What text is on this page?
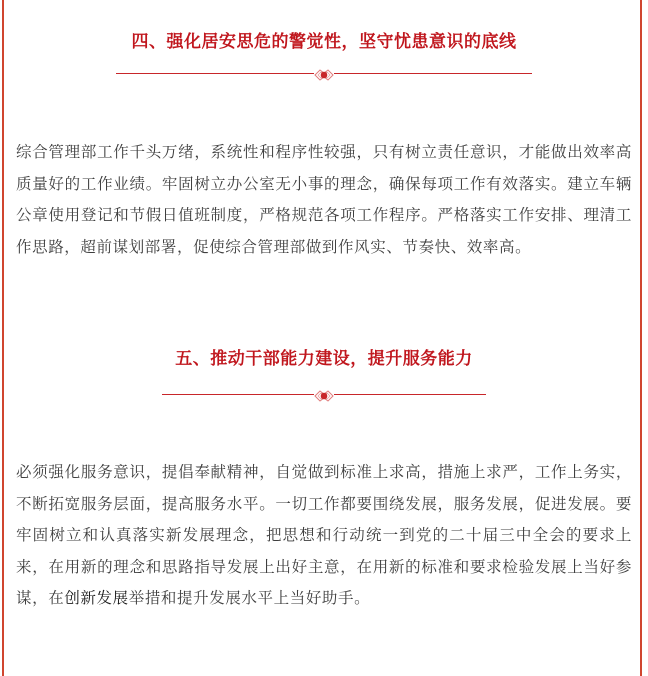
四、强化居安思危的警觉性，坚守忧患意识的底线

综合管理部工作千头万绪，系统性和程序性较强，只有树立责任意识，才能做出效率高质量好的工作业绩。牢固树立办公室无小事的理念，确保每项工作有效落实。建立车辆公章使用登记和节假日值班制度，严格规范各项工作程序。严格落实工作安排、理清工作思路，超前谋划部署，促使综合管理部做到作风实、节奏快、效率高。

五、推动干部能力建设，提升服务能力

必须强化服务意识，提倡奉献精神，自觉做到标准上求高，措施上求严，工作上务实，不断拓宽服务层面，提高服务水平。一切工作都要围绕发展，服务发展，促进发展。要牢固树立和认真落实新发展理念，把思想和行动统一到党的二十届三中全会的要求上来，在用新的理念和思路指导发展上出好主意，在用新的标准和要求检验发展上当好参谋，在创新发展举措和提升发展水平上当好助手。
